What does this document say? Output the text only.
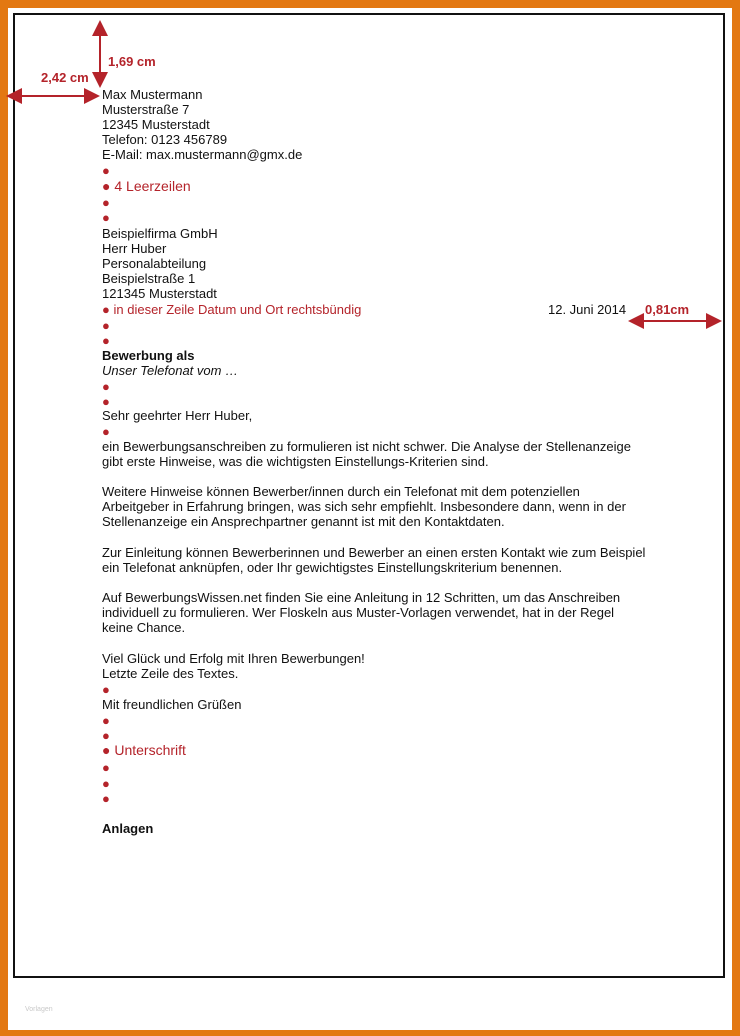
Vorlagen
1,69 cm
2,42 cm
0,81cm
Max Mustermann
Musterstraße 7
12345 Musterstadt
Telefon: 0123 456789
E-Mail: max.mustermann@gmx.de
●
● 4 Leerzeilen
●
●
Beispielfirma GmbH
Herr Huber
Personalabteilung
Beispielstraße 1
121345 Musterstadt
● in dieser Zeile Datum und Ort rechtsbündig	12. Juni 2014
●
●
Bewerbung als
Unser Telefonat vom …
●
●
Sehr geehrter Herr Huber,
●
ein Bewerbungsanschreiben zu formulieren ist nicht schwer. Die Analyse der Stellenanzeige
gibt erste Hinweise, was die wichtigsten Einstellungs-Kriterien sind.
Weitere Hinweise können Bewerber/innen durch ein Telefonat mit dem potenziellen
Arbeitgeber in Erfahrung bringen, was sich sehr empfiehlt. Insbesondere dann, wenn in der
Stellenanzeige ein Ansprechpartner genannt ist mit den Kontaktdaten.
Zur Einleitung können Bewerberinnen und Bewerber an einen ersten Kontakt wie zum Beispiel
ein Telefonat anknüpfen, oder Ihr gewichtigstes Einstellungskriterium benennen.
Auf BewerbungsWissen.net finden Sie eine Anleitung in 12 Schritten, um das Anschreiben
individuell zu formulieren. Wer Floskeln aus Muster-Vorlagen verwendet, hat in der Regel
keine Chance.
Viel Glück und Erfolg mit Ihren Bewerbungen!
Letzte Zeile des Textes.
●
Mit freundlichen Grüßen
●
●
● Unterschrift
●
●
●
Anlagen
